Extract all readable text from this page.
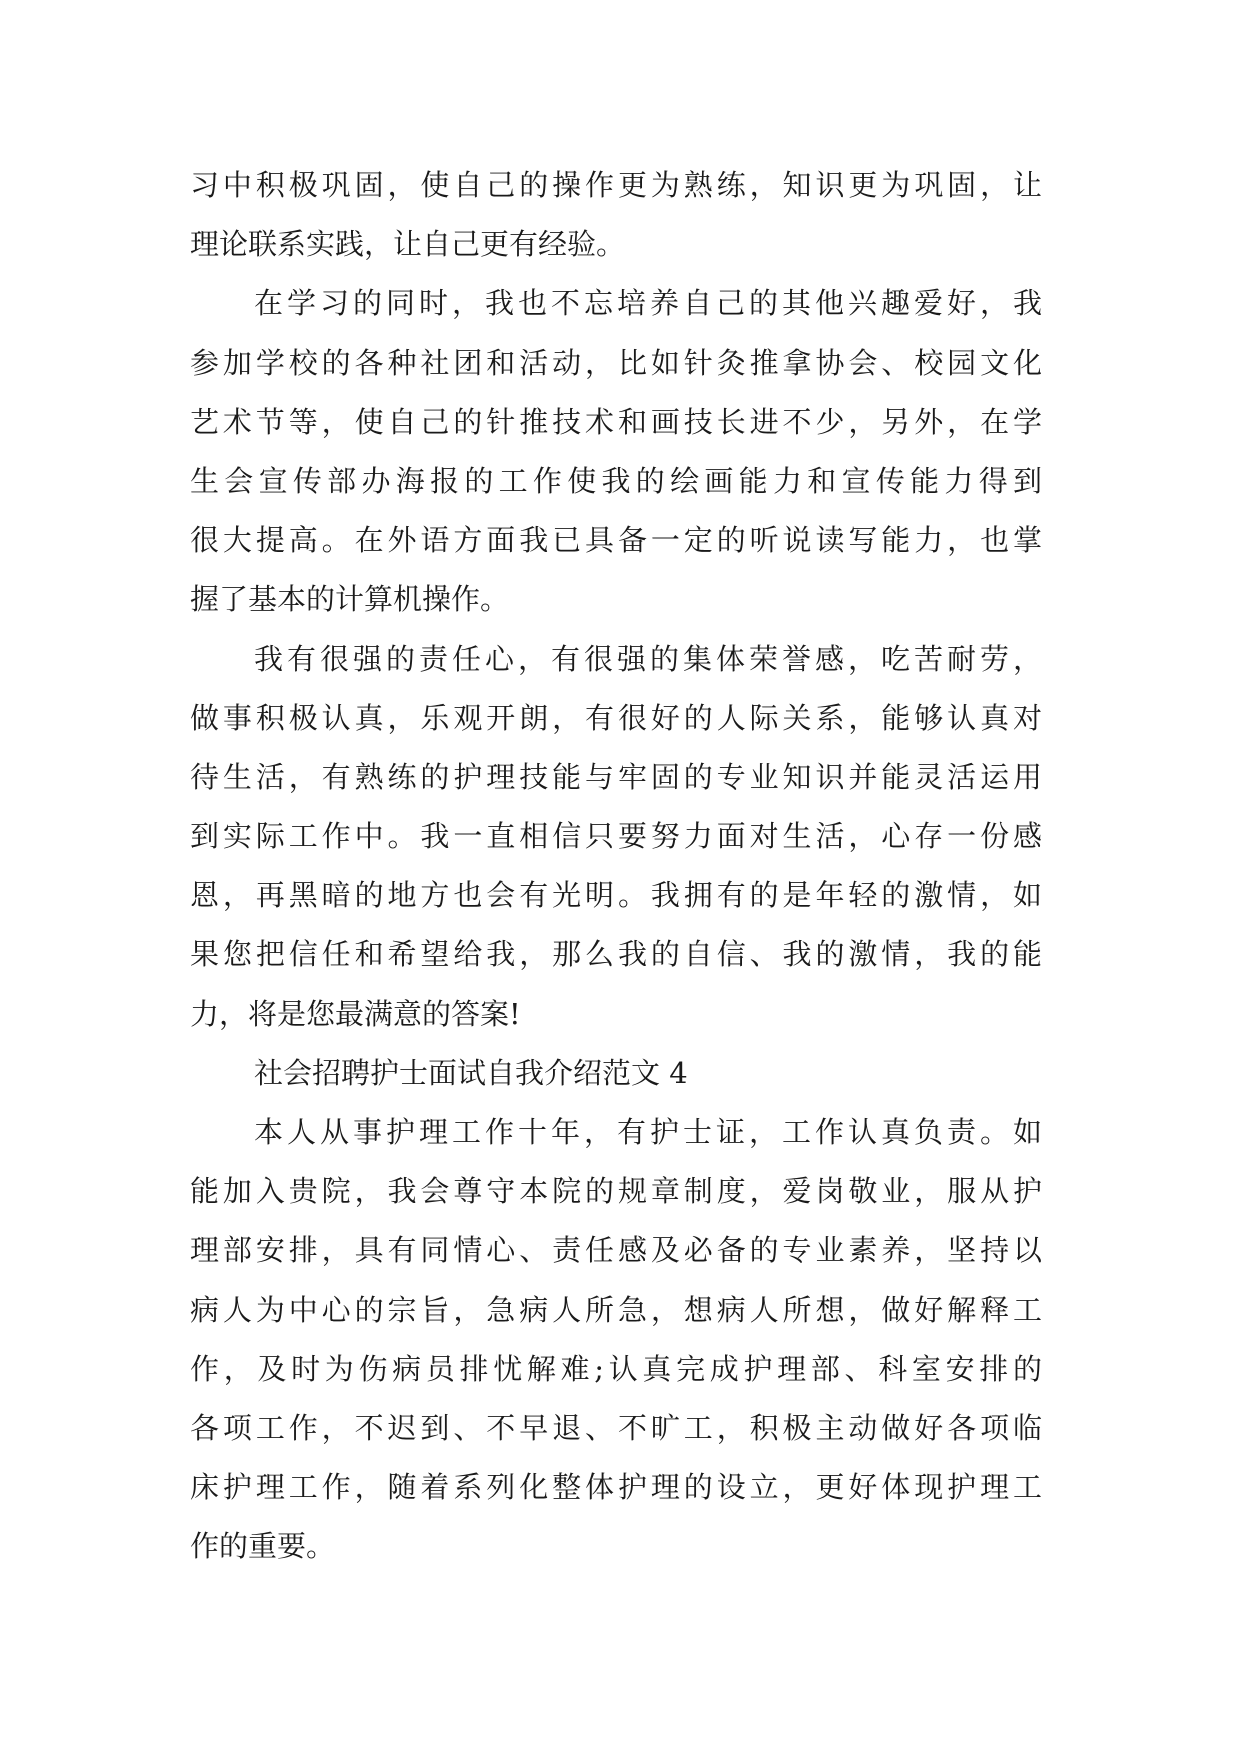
习中积极巩固，使自己的操作更为熟练，知识更为巩固，让
理论联系实践，让自己更有经验。
在学习的同时，我也不忘培养自己的其他兴趣爱好，我
参加学校的各种社团和活动，比如针灸推拿协会、校园文化
艺术节等，使自己的针推技术和画技长进不少，另外，在学
生会宣传部办海报的工作使我的绘画能力和宣传能力得到
很大提高。在外语方面我已具备一定的听说读写能力，也掌
握了基本的计算机操作。
我有很强的责任心，有很强的集体荣誉感，吃苦耐劳，
做事积极认真，乐观开朗，有很好的人际关系，能够认真对
待生活，有熟练的护理技能与牢固的专业知识并能灵活运用
到实际工作中。我一直相信只要努力面对生活，心存一份感
恩，再黑暗的地方也会有光明。我拥有的是年轻的激情，如
果您把信任和希望给我，那么我的自信、我的激情，我的能
力，将是您最满意的答案!
社会招聘护士面试自我介绍范文 4
本人从事护理工作十年，有护士证，工作认真负责。如
能加入贵院，我会尊守本院的规章制度，爱岗敬业，服从护
理部安排，具有同情心、责任感及必备的专业素养，坚持以
病人为中心的宗旨，急病人所急，想病人所想，做好解释工
作，及时为伤病员排忧解难;认真完成护理部、科室安排的
各项工作，不迟到、不早退、不旷工，积极主动做好各项临
床护理工作，随着系列化整体护理的设立，更好体现护理工
作的重要。
